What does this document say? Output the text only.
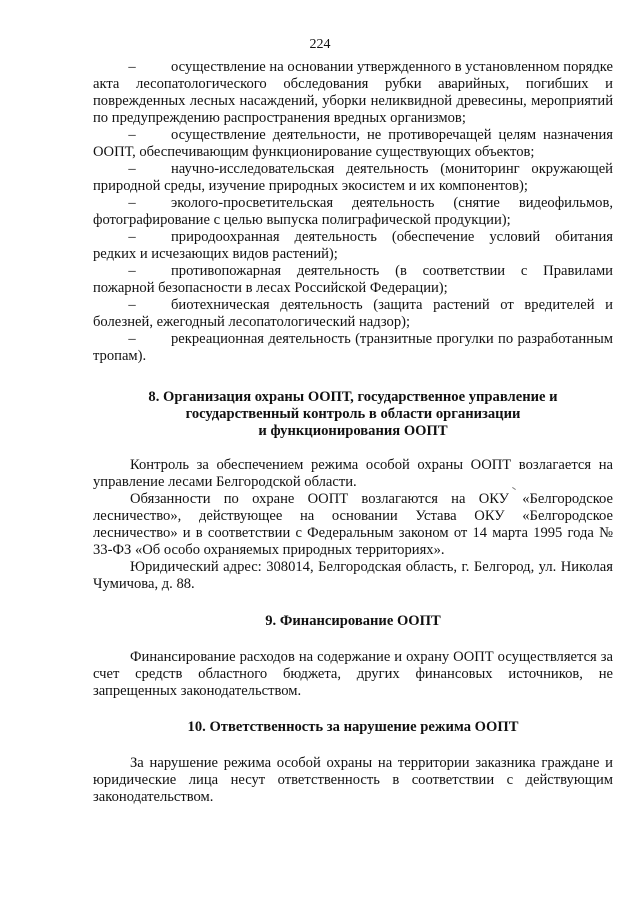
224

– осуществление на основании утвержденного в установленном порядке акта лесопатологического обследования рубки аварийных, погибших и поврежденных лесных насаждений, уборки неликвидной древесины, мероприятий по предупреждению распространения вредных организмов;

– осуществление деятельности, не противоречащей целям назначения ООПТ, обеспечивающим функционирование существующих объектов;

– научно-исследовательская деятельность (мониторинг окружающей природной среды, изучение природных экосистем и их компонентов);

– эколого-просветительская деятельность (снятие видеофильмов, фотографирование с целью выпуска полиграфической продукции);

– природоохранная деятельность (обеспечение условий обитания редких и исчезающих видов растений);

– противопожарная деятельность (в соответствии с Правилами пожарной безопасности в лесах Российской Федерации);

– биотехническая деятельность (защита растений от вредителей и болезней, ежегодный лесопатологический надзор);

– рекреационная деятельность (транзитные прогулки по разработанным тропам).

8. Организация охраны ООПТ, государственное управление и
государственный контроль в области организации
и функционирования ООПТ

Контроль за обеспечением режима особой охраны ООПТ возлагается на управление лесами Белгородской области.

Обязанности по охране ООПТ возлагаются на ОКУ «Белгородское лесничество», действующее на основании Устава ОКУ «Белгородское лесничество» и в соответствии с Федеральным законом от 14 марта 1995 года № 33-ФЗ «Об особо охраняемых природных территориях».

Юридический адрес: 308014, Белгородская область, г. Белгород, ул. Николая Чумичова, д. 88.

9. Финансирование ООПТ

Финансирование расходов на содержание и охрану ООПТ осуществляется за счет средств областного бюджета, других финансовых источников, не запрещенных законодательством.

10. Ответственность за нарушение режима ООПТ

За нарушение режима особой охраны на территории заказника граждане и юридические лица несут ответственность в соответствии с действующим законодательством.
